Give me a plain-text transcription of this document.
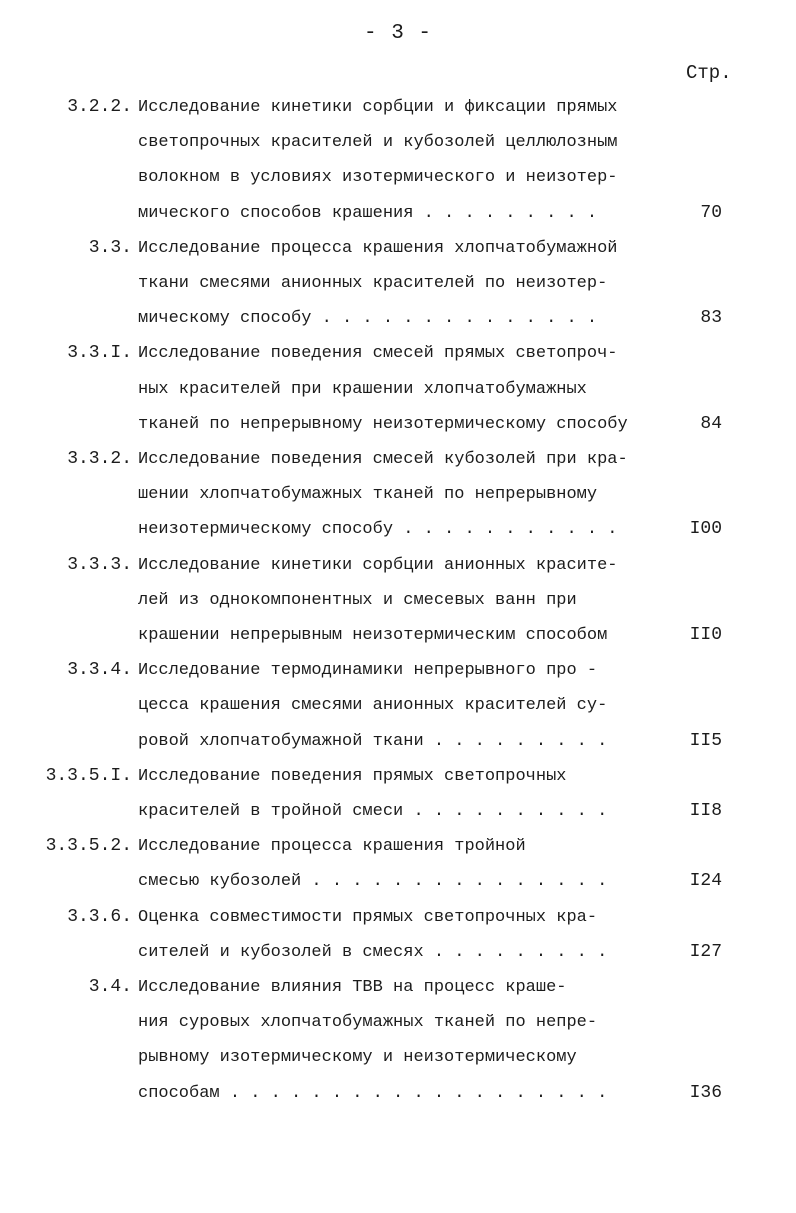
- 3 -
Стр.
3.2.2. Исследование кинетики сорбции и фиксации прямых
светопрочных красителей и кубозолей целлюлозным
волокном в условиях изотермического и неизотер-
мического способов крашения . . . . . . . . .	70
3.3. Исследование процесса крашения хлопчатобумажной
ткани смесями анионных красителей по неизотер-
мическому способу . . . . . . . . . . . . . .	83
3.3.I. Исследование поведения смесей прямых светопроч-
ных красителей при крашении хлопчатобумажных
тканей по непрерывному неизотермическому способу	84
3.3.2. Исследование поведения смесей кубозолей при кра-
шении хлопчатобумажных тканей по непрерывному
неизотермическому способу . . . . . . . . . . .	I00
3.3.3. Исследование кинетики сорбции анионных красите-
лей из однокомпонентных и смесевых ванн при
крашении непрерывным неизотермическим способом	II0
3.3.4. Исследование термодинамики непрерывного про -
цесса крашения смесями анионных красителей су-
ровой хлопчатобумажной ткани . . . . . . . . .	II5
3.3.5.I. Исследование поведения прямых светопрочных
красителей в тройной смеси . . . . . . . . . .	II8
3.3.5.2. Исследование процесса крашения тройной
смесью кубозолей . . . . . . . . . . . . . . .	I24
3.3.6. Оценка совместимости прямых светопрочных кра-
сителей и кубозолей в смесях . . . . . . . . .	I27
3.4. Исследование влияния ТВВ на процесс краше-
ния суровых хлопчатобумажных тканей по непре-
рывному изотермическому и неизотермическому
способам . . . . . . . . . . . . . . . . . . .	I36
